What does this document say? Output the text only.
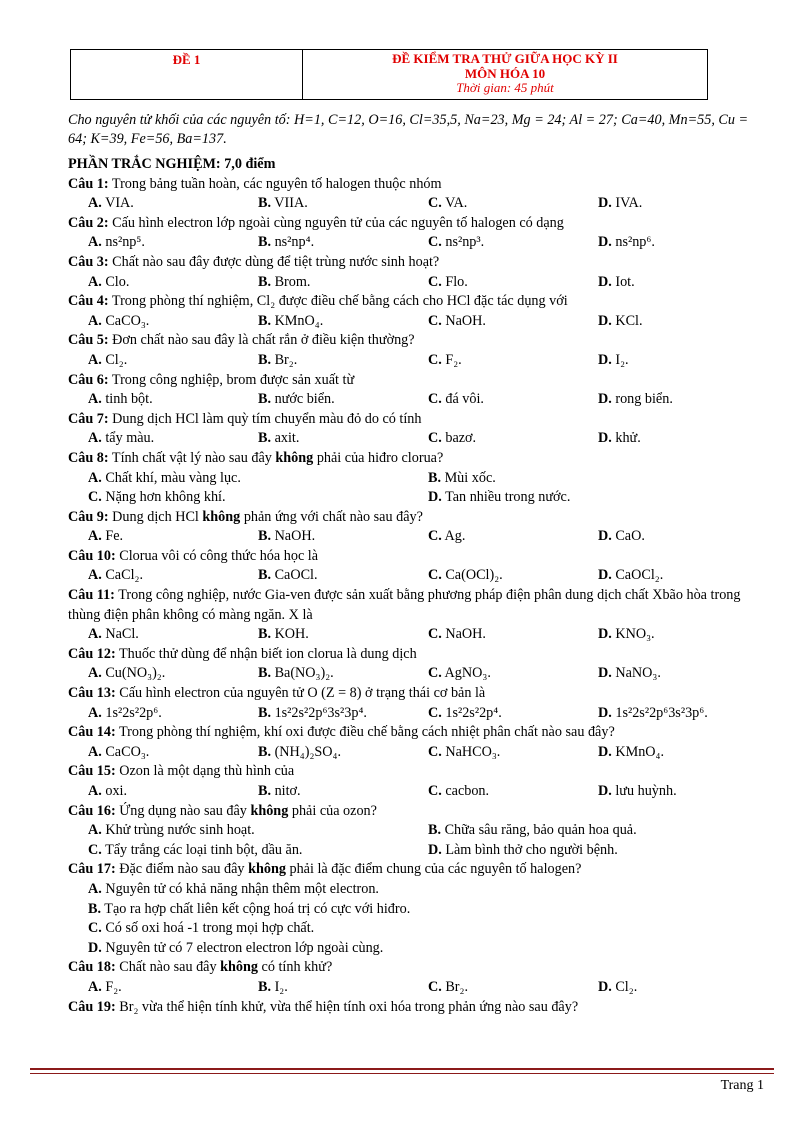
ĐỀ 1	ĐỀ KIỂM TRA THỬ GIỮA HỌC KỲ II
MÔN HÓA 10
Thời gian: 45 phút
Cho nguyên tử khối của các nguyên tố: H=1, C=12, O=16, Cl=35,5, Na=23, Mg = 24; Al = 27; Ca=40, Mn=55, Cu = 64; K=39, Fe=56, Ba=137.
PHẦN TRẮC NGHIỆM: 7,0 điểm
Câu 1: Trong bảng tuần hoàn, các nguyên tố halogen thuộc nhóm
A. VIA.	B. VIIA.	C. VA.	D. IVA.
Câu 2: Cấu hình electron lớp ngoài cùng nguyên tử của các nguyên tố halogen có dạng
A. ns²np⁵.	B. ns²np⁴.	C. ns²np³.	D. ns²np⁶.
Câu 3: Chất nào sau đây được dùng để tiệt trùng nước sinh hoạt?
A. Clo.	B. Brom.	C. Flo.	D. Iot.
Câu 4: Trong phòng thí nghiệm, Cl₂ được điều chế bằng cách cho HCl đặc tác dụng với
A. CaCO₃.	B. KMnO₄.	C. NaOH.	D. KCl.
Câu 5: Đơn chất nào sau đây là chất rắn ở điều kiện thường?
A. Cl₂.	B. Br₂.	C. F₂.	D. I₂.
Câu 6: Trong công nghiệp, brom được sản xuất từ
A. tinh bột.	B. nước biển.	C. đá vôi.	D. rong biển.
Câu 7: Dung dịch HCl làm quỳ tím chuyển màu đỏ do có tính
A. tẩy màu.	B. axit.	C. bazơ.	D. khử.
Câu 8: Tính chất vật lý nào sau đây không phải của hiđro clorua?
A. Chất khí, màu vàng lục.	B. Mùi xốc.
C. Nặng hơn không khí.	D. Tan nhiều trong nước.
Câu 9: Dung dịch HCl không phản ứng với chất nào sau đây?
A. Fe.	B. NaOH.	C. Ag.	D. CaO.
Câu 10: Clorua vôi có công thức hóa học là
A. CaCl₂.	B. CaOCl.	C. Ca(OCl)₂.	D. CaOCl₂.
Câu 11: Trong công nghiệp, nước Gia-ven được sản xuất bằng phương pháp điện phân dung dịch chất Xbão hòa trong thùng điện phân không có màng ngăn. X là
A. NaCl.	B. KOH.	C. NaOH.	D. KNO₃.
Câu 12: Thuốc thử dùng để nhận biết ion clorua là dung dịch
A. Cu(NO₃)₂.	B. Ba(NO₃)₂.	C. AgNO₃.	D. NaNO₃.
Câu 13: Cấu hình electron của nguyên tử O (Z = 8) ở trạng thái cơ bản là
A. 1s²2s²2p⁶.	B. 1s²2s²2p⁶3s²3p⁴.	C. 1s²2s²2p⁴.	D. 1s²2s²2p⁶3s²3p⁶.
Câu 14: Trong phòng thí nghiệm, khí oxi được điều chế bằng cách nhiệt phân chất nào sau đây?
A. CaCO₃.	B. (NH₄)₂SO₄.	C. NaHCO₃.	D. KMnO₄.
Câu 15: Ozon là một dạng thù hình của
A. oxi.	B. nitơ.	C. cacbon.	D. lưu huỳnh.
Câu 16: Ứng dụng nào sau đây không phải của ozon?
A. Khử trùng nước sinh hoạt.	B. Chữa sâu răng, bảo quản hoa quả.
C. Tẩy trắng các loại tinh bột, dầu ăn.	D. Làm bình thở cho người bệnh.
Câu 17: Đặc điểm nào sau đây không phải là đặc điểm chung của các nguyên tố halogen?
A. Nguyên tử có khả năng nhận thêm một electron.
B. Tạo ra hợp chất liên kết cộng hoá trị có cực với hiđro.
C. Có số oxi hoá -1 trong mọi hợp chất.
D. Nguyên tử có 7 electron electron lớp ngoài cùng.
Câu 18: Chất nào sau đây không có tính khử?
A. F₂.	B. I₂.	C. Br₂.	D. Cl₂.
Câu 19: Br₂ vừa thể hiện tính khử, vừa thể hiện tính oxi hóa trong phản ứng nào sau đây?
Trang 1
